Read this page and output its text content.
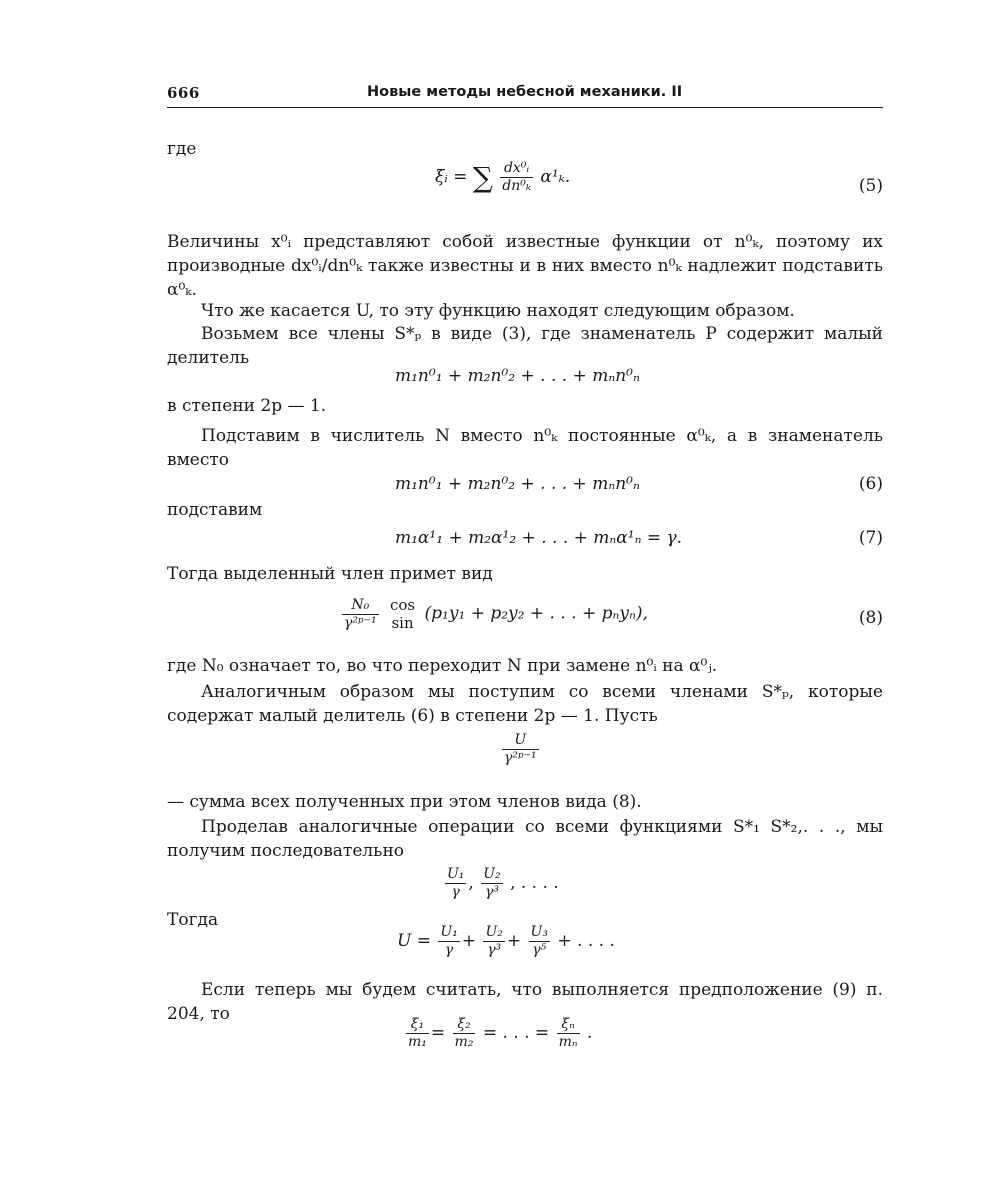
666	Новые методы небесной механики. II
где
ξᵢ = ∑ $\frac{\text{dx⁰ᵢ}}{\text{dn⁰ₖ}} \alpha^1_k$.	(5)
Величины x⁰ᵢ представляют собой известные функции от n⁰ₖ, поэтому их производные dx⁰ᵢ/dn⁰ₖ также известны и в них вместо n⁰ₖ надлежит подставить α⁰ₖ.
Что же касается U, то эту функцию находят следующим образом.
Возьмем все члены S*ₚ в виде (3), где знаменатель P содержит малый делитель
m₁n⁰₁ + m₂n⁰₂ + . . . + mₙn⁰ₙ
в степени 2p — 1.
Подставим в числитель N вместо n⁰ₖ постоянные α⁰ₖ, а в знаменатель вместо
m₁n⁰₁ + m₂n⁰₂ + . . . + mₙn⁰ₙ	(6)
подставим
m₁α¹₁ + m₂α¹₂ + . . . + mₙα¹ₙ = γ.	(7)
Тогда выделенный член примет вид
$\frac{\text{N₀}}{\text{γ²ᵖ⁻¹}}$
cos
sin (p₁y₁ + p₂y₂ + . . . + pₙyₙ),	(8)
где N₀ означает то, во что переходит N при замене n⁰ᵢ на α⁰ⱼ.
Аналогичным образом мы поступим со всеми членами S*ₚ, которые содержат малый делитель (6) в степени 2p — 1. Пусть
$\frac{U}{\text{γ²ᵖ⁻¹}}$
— сумма всех полученных при этом членов вида (8).
Проделав аналогичные операции со всеми функциями S*₁ S*₂,. . ., мы получим последовательно
$\frac{\text{U₁}}{\gamma}$ , $\frac{\text{U₂}}{\text{γ³}}$ , . . . .
Тогда
$U = \frac{\text{U₁}}{\gamma} + \frac{\text{U₂}}{\text{γ³}} + \frac{\text{U₃}}{\text{γ⁵}}$ + . . . .
Если теперь мы будем считать, что выполняется предположение (9) п. 204, то
$\frac{\text{ξ₁}}{\text{m₁}} = \frac{\text{ξ₂}}{\text{m₂}}$ = . . . = $\frac{\text{ξₙ}}{\text{mₙ}}$ .
